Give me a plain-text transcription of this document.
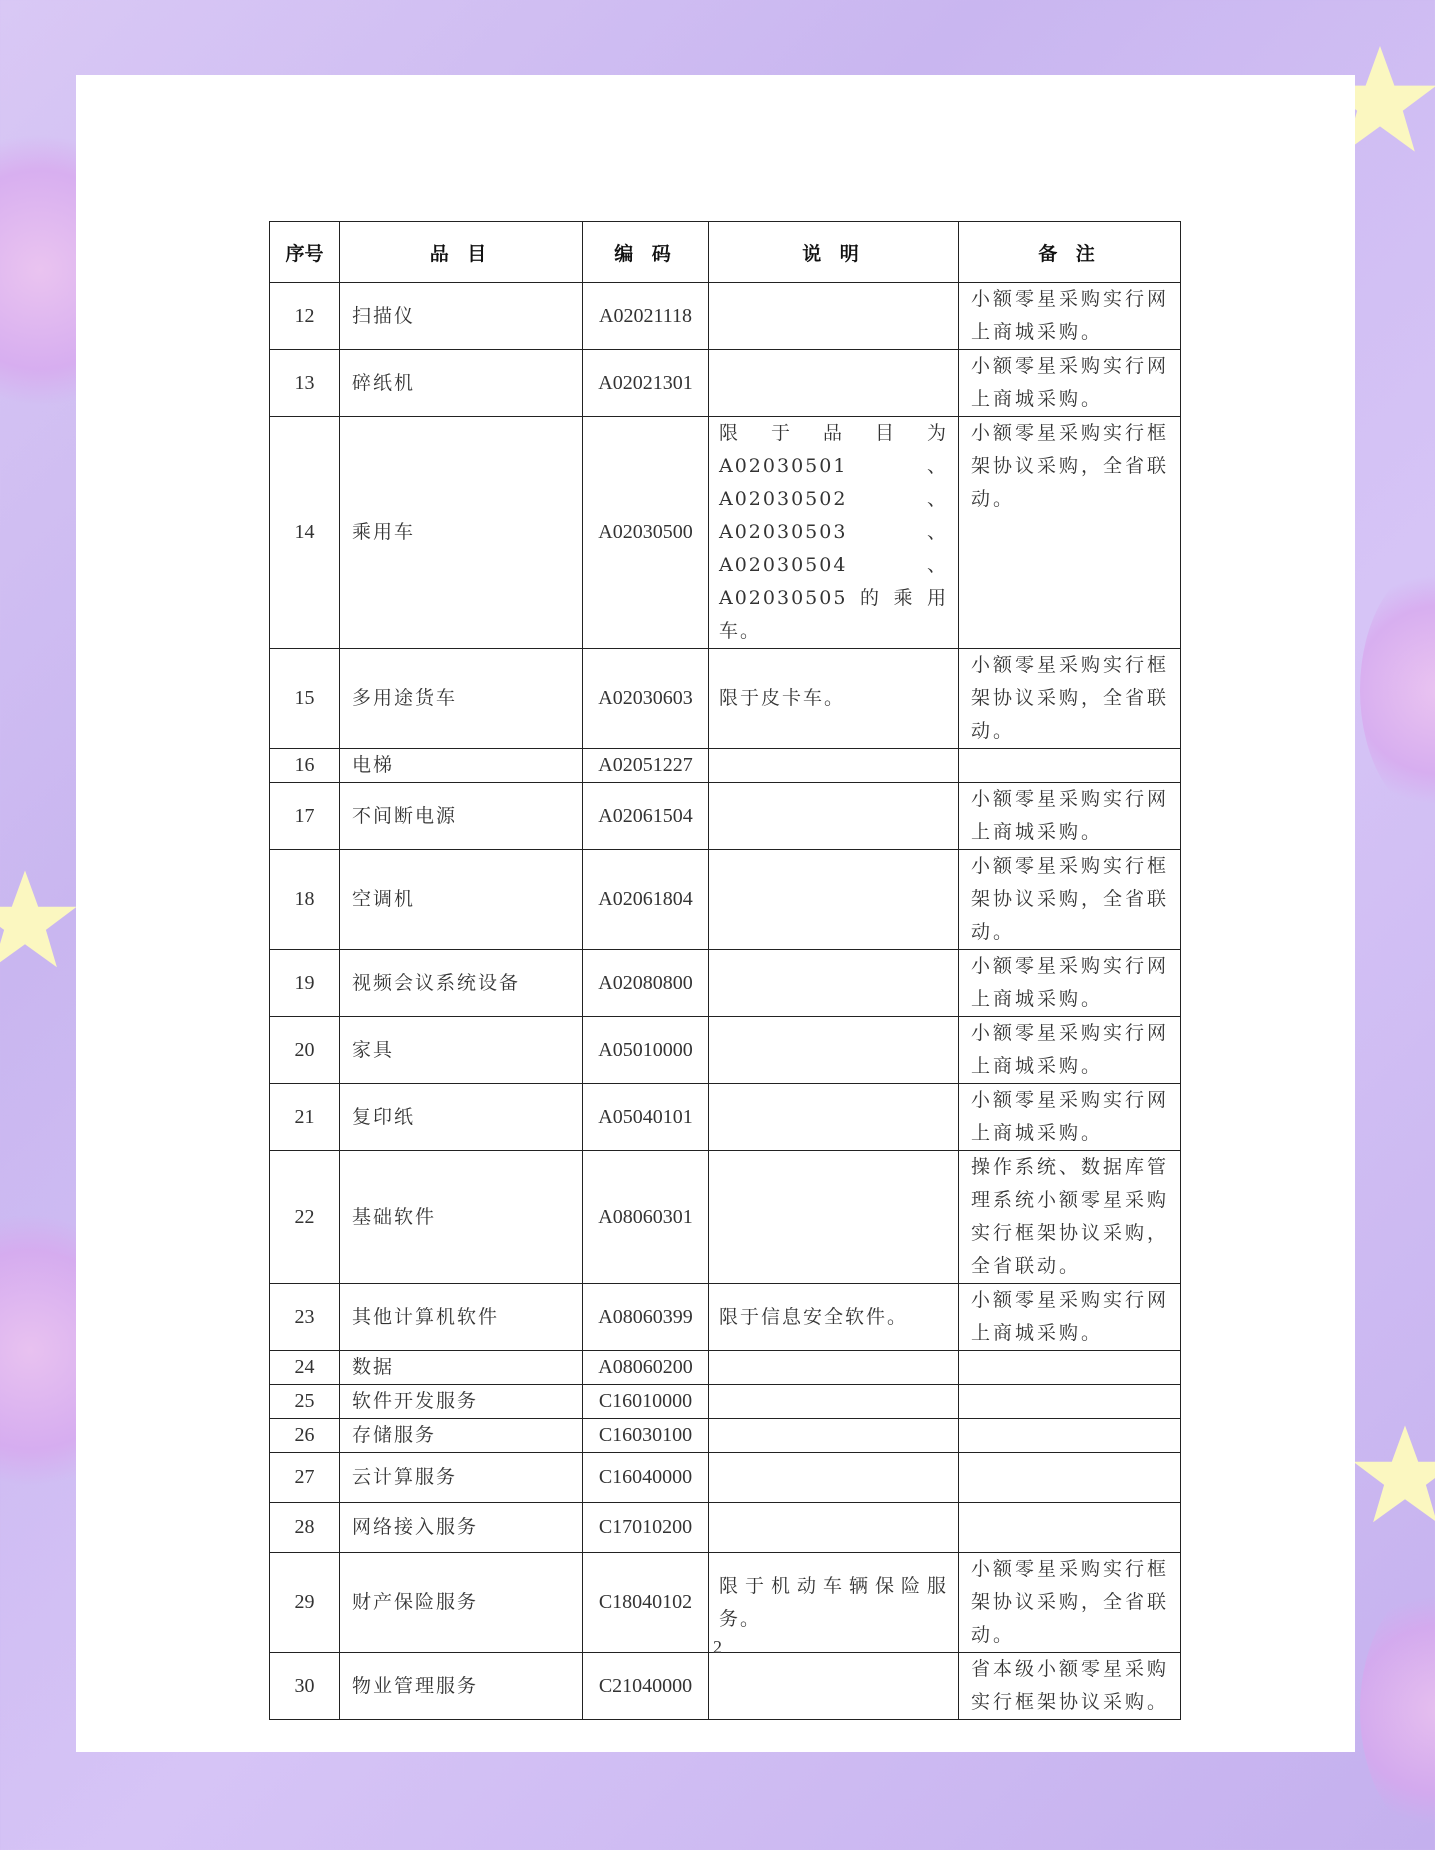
序号	品 目	编 码	说 明	备 注
12	扫描仪	A02021118		小额零星采购实行网上商城采购。
13	碎纸机	A02021301		小额零星采购实行网上商城采购。
14	乘用车	A02030500	限于品目为A02030501、A02030502、A02030503、A02030504 、A02030505的乘用车。	小额零星采购实行框架协议采购，全省联动。
15	多用途货车	A02030603	限于皮卡车。	小额零星采购实行框架协议采购，全省联动。
16	电梯	A02051227		
17	不间断电源	A02061504		小额零星采购实行网上商城采购。
18	空调机	A02061804		小额零星采购实行框架协议采购，全省联动。
19	视频会议系统设备	A02080800		小额零星采购实行网上商城采购。
20	家具	A05010000		小额零星采购实行网上商城采购。
21	复印纸	A05040101		小额零星采购实行网上商城采购。
22	基础软件	A08060301		操作系统、数据库管理系统小额零星采购实行框架协议采购，全省联动。
23	其他计算机软件	A08060399	限于信息安全软件。	小额零星采购实行网上商城采购。
24	数据	A08060200		
25	软件开发服务	C16010000		
26	存储服务	C16030100		
27	云计算服务	C16040000		
28	网络接入服务	C17010200		
29	财产保险服务	C18040102	限于机动车辆保险服务。	小额零星采购实行框架协议采购，全省联动。
30	物业管理服务	C21040000		省本级小额零星采购实行框架协议采购。
2
